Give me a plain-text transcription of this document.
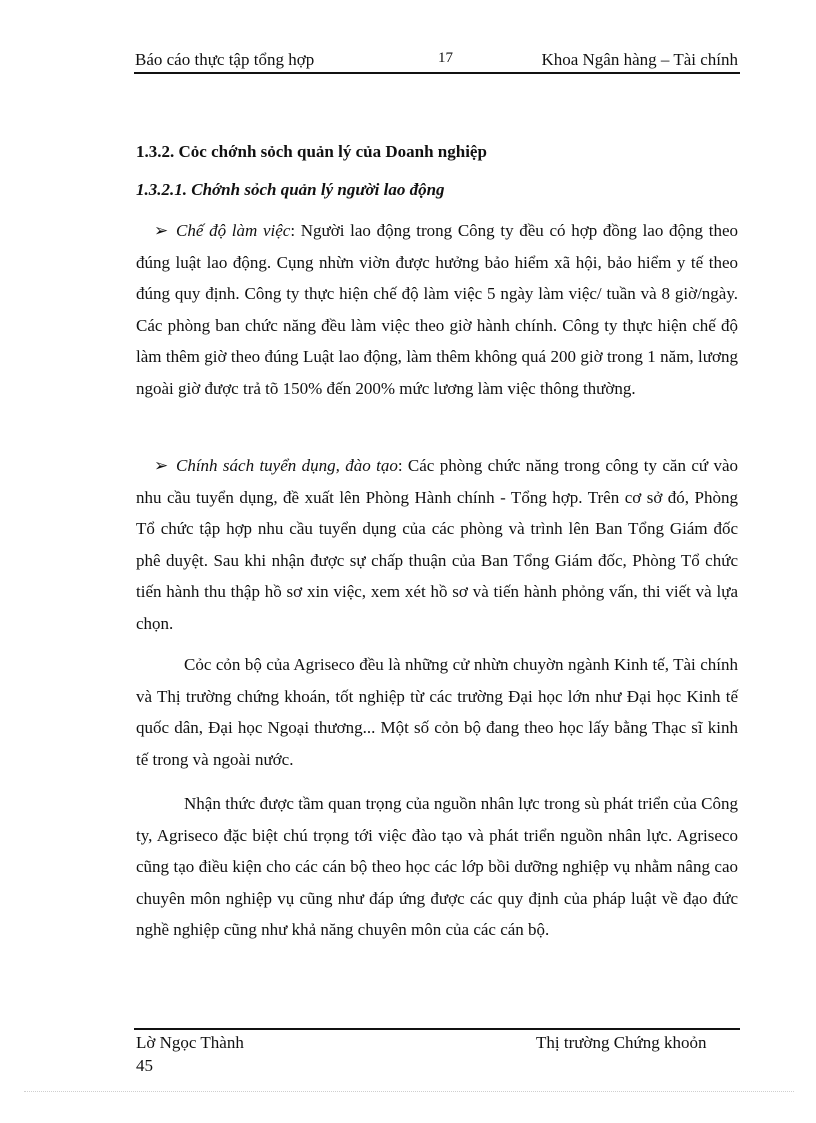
Báo cáo thực tập tổng hợp	17	Khoa Ngân hàng – Tài chính
1.3.2. Cỏc chớnh sỏch quản lý của Doanh nghiệp
1.3.2.1. Chớnh sỏch quản lý người lao động

➢ Chế độ làm việc: Người lao động trong Công ty đều có hợp đồng lao động theo đúng luật lao động. Cụng nhừn viờn được hưởng bảo hiểm xã hội, bảo hiểm y tế theo đúng quy định. Công ty thực hiện chế độ làm việc 5 ngày làm việc/ tuần và 8 giờ/ngày. Các phòng ban chức năng đều làm việc theo giờ hành chính. Công ty thực hiện chế độ làm thêm giờ theo đúng Luật lao động, làm thêm không quá 200 giờ trong 1 năm, lương ngoài giờ được trả tõ 150% đến 200% mức lương làm việc thông thường.

➢ Chính sách tuyển dụng, đào tạo: Các phòng chức năng trong công ty căn cứ vào nhu cầu tuyển dụng, đề xuất lên Phòng Hành chính - Tổng hợp. Trên cơ sở đó, Phòng Tổ chức tập hợp nhu cầu tuyển dụng của các phòng và trình lên Ban Tổng Giám đốc phê duyệt. Sau khi nhận được sự chấp thuận của Ban Tổng Giám đốc, Phòng Tổ chức tiến hành thu thập hồ sơ xin việc, xem xét hồ sơ và tiến hành phỏng vấn, thi viết và lựa chọn.

Cỏc cỏn bộ của Agriseco đều là những cử nhừn chuyờn ngành Kinh tế, Tài chính và Thị trường chứng khoán, tốt nghiệp từ các trường Đại học lớn như Đại học Kinh tế quốc dân, Đại học Ngoại thương... Một số cỏn bộ đang theo học lấy bằng Thạc sĩ kinh tế trong và ngoài nước.

Nhận thức được tầm quan trọng của nguồn nhân lực trong sù phát triển của Công ty, Agriseco đặc biệt chú trọng tới việc đào tạo và phát triển nguồn nhân lực. Agriseco cũng tạo điều kiện cho các cán bộ theo học các lớp bồi dưỡng nghiệp vụ nhằm nâng cao chuyên môn nghiệp vụ cũng như đáp ứng được các quy định của pháp luật về đạo đức nghề nghiệp cũng như khả năng chuyên môn của các cán bộ.

Lờ Ngọc Thành	Thị trường Chứng khoỏn
45
